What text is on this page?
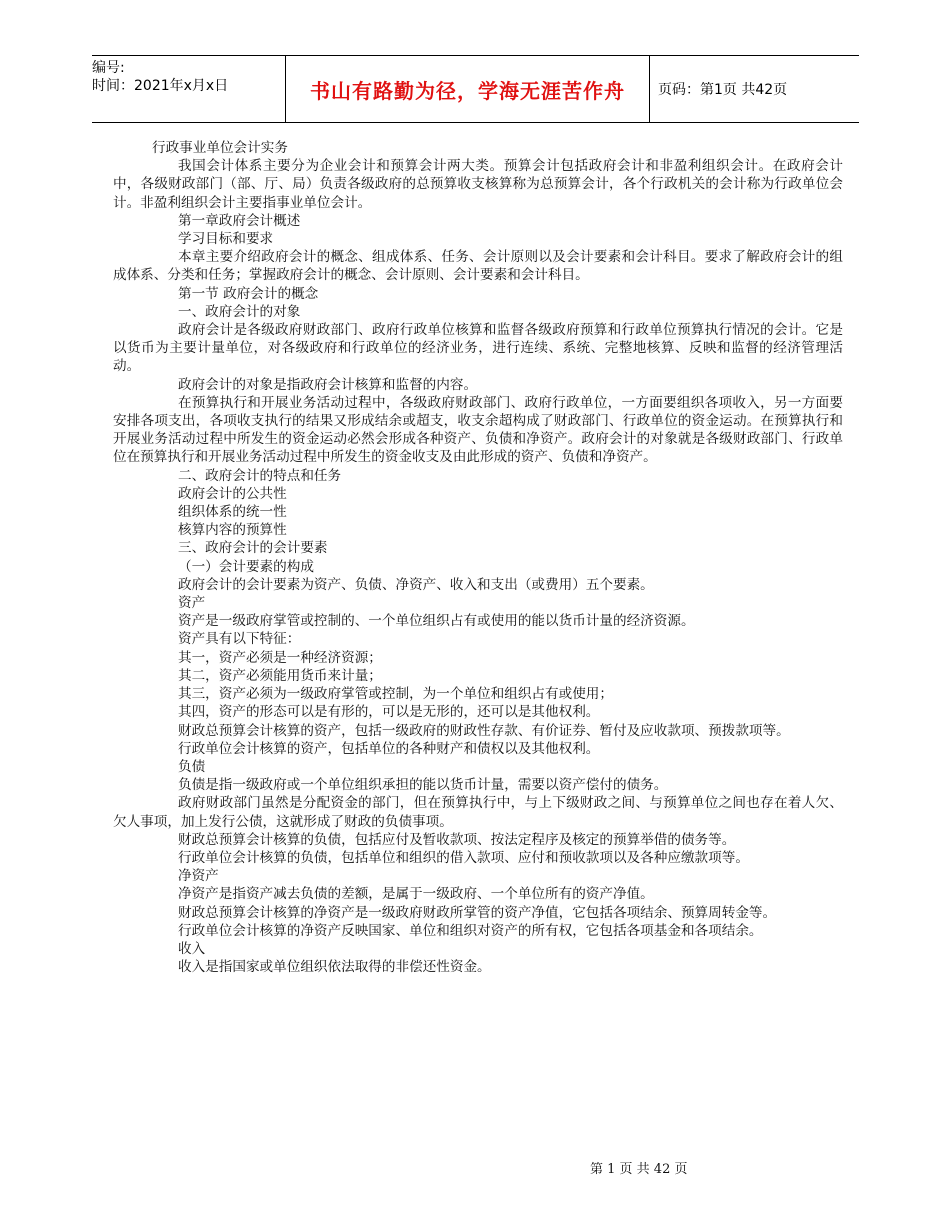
编号:
时间：2021年x月x日	书山有路勤为径，学海无涯苦作舟	页码：第1页 共42页

行政事业单位会计实务

我国会计体系主要分为企业会计和预算会计两大类。预算会计包括政府会计和非盈利组织会计。在政府会计中，各级财政部门（部、厅、局）负责各级政府的总预算收支核算称为总预算会计，各个行政机关的会计称为行政单位会计。非盈利组织会计主要指事业单位会计。

第一章政府会计概述

学习目标和要求

本章主要介绍政府会计的概念、组成体系、任务、会计原则以及会计要素和会计科目。要求了解政府会计的组成体系、分类和任务；掌握政府会计的概念、会计原则、会计要素和会计科目。

第一节 政府会计的概念

一、政府会计的对象

政府会计是各级政府财政部门、政府行政单位核算和监督各级政府预算和行政单位预算执行情况的会计。它是以货币为主要计量单位，对各级政府和行政单位的经济业务，进行连续、系统、完整地核算、反映和监督的经济管理活动。

政府会计的对象是指政府会计核算和监督的内容。

在预算执行和开展业务活动过程中，各级政府财政部门、政府行政单位，一方面要组织各项收入，另一方面要安排各项支出，各项收支执行的结果又形成结余或超支，收支余超构成了财政部门、行政单位的资金运动。在预算执行和开展业务活动过程中所发生的资金运动必然会形成各种资产、负债和净资产。政府会计的对象就是各级财政部门、行政单位在预算执行和开展业务活动过程中所发生的资金收支及由此形成的资产、负债和净资产。

二、政府会计的特点和任务

政府会计的公共性

组织体系的统一性

核算内容的预算性

三、政府会计的会计要素

（一）会计要素的构成

政府会计的会计要素为资产、负债、净资产、收入和支出（或费用）五个要素。

资产

资产是一级政府掌管或控制的、一个单位组织占有或使用的能以货币计量的经济资源。

资产具有以下特征：

其一，资产必须是一种经济资源；

其二，资产必须能用货币来计量；

其三，资产必须为一级政府掌管或控制，为一个单位和组织占有或使用；

其四，资产的形态可以是有形的，可以是无形的，还可以是其他权利。

财政总预算会计核算的资产，包括一级政府的财政性存款、有价证券、暂付及应收款项、预拨款项等。

行政单位会计核算的资产，包括单位的各种财产和债权以及其他权利。

负债

负债是指一级政府或一个单位组织承担的能以货币计量，需要以资产偿付的债务。

政府财政部门虽然是分配资金的部门，但在预算执行中，与上下级财政之间、与预算单位之间也存在着人欠、欠人事项，加上发行公债，这就形成了财政的负债事项。

财政总预算会计核算的负债，包括应付及暂收款项、按法定程序及核定的预算举借的债务等。

行政单位会计核算的负债，包括单位和组织的借入款项、应付和预收款项以及各种应缴款项等。

净资产

净资产是指资产减去负债的差额，是属于一级政府、一个单位所有的资产净值。

财政总预算会计核算的净资产是一级政府财政所掌管的资产净值，它包括各项结余、预算周转金等。

行政单位会计核算的净资产反映国家、单位和组织对资产的所有权，它包括各项基金和各项结余。

收入

收入是指国家或单位组织依法取得的非偿还性资金。

第 1 页 共 42 页
